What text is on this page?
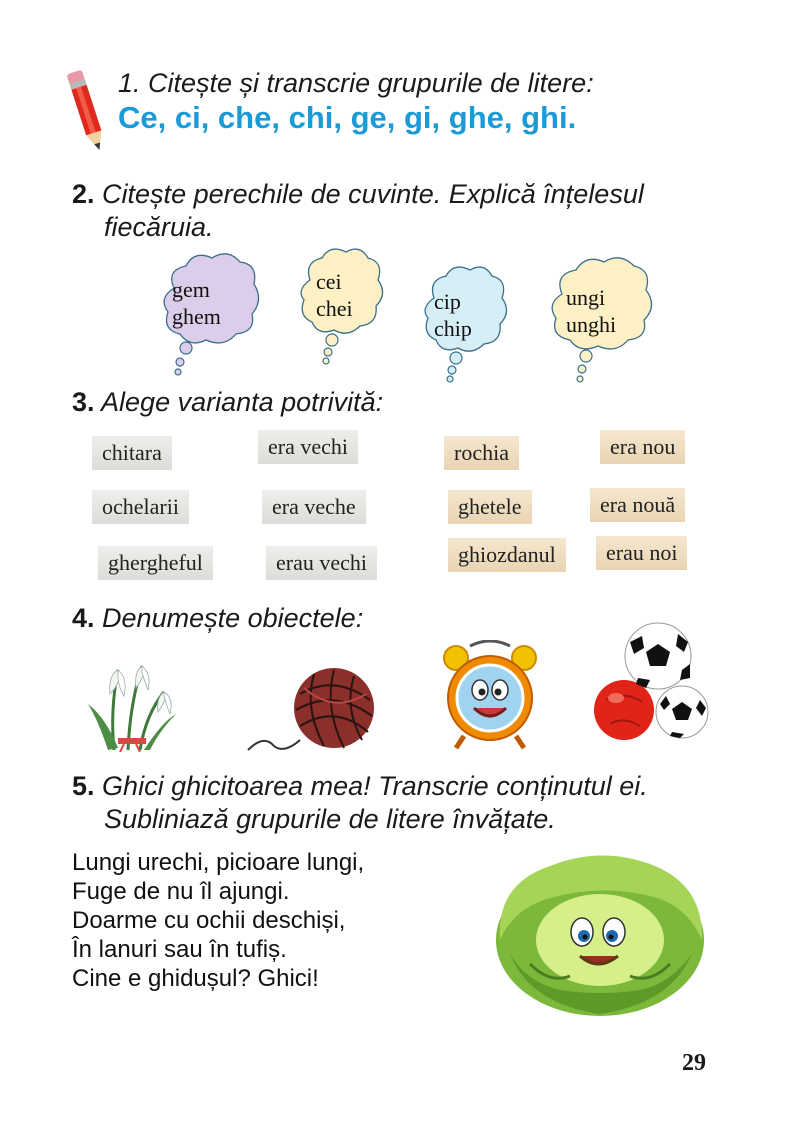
1. Citește și transcrie grupurile de litere:
Ce, ci, che, chi, ge, gi, ghe, ghi.
2. Citește perechile de cuvinte. Explică înțelesul
fiecăruia.
gem
ghem
cei
chei	cip
chip
ungi
unghi
3. Alege varianta potrivită:
chitara
ochelarii
ghergheful
era vechi
era veche
erau vechi
rochia
ghetele
ghiozdanul
era nou
era nouă
erau noi
4. Denumește obiectele:
5. Ghici ghicitoarea mea! Transcrie conținutul ei.
Subliniază grupurile de litere învățate.
Lungi urechi, picioare lungi,
Fuge de nu îl ajungi.
Doarme cu ochii deschiși,
În lanuri sau în tufiș.
Cine e ghidușul? Ghici!
29
